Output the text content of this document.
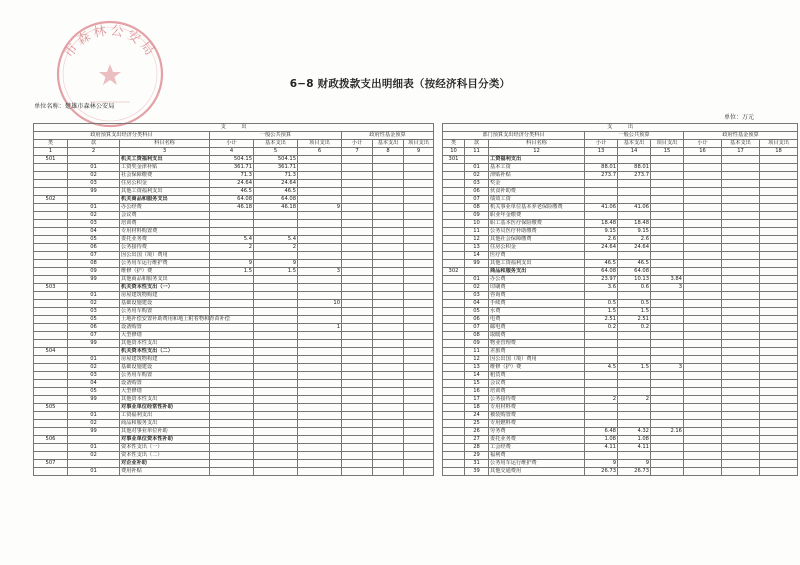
市森林公安局
6−8 财政拨款支出明细表（按经济科目分类）
单位名称：楚雄市森林公安局
单位：万元
支　　　出								
政府预算支出经济分类科目			一般公共预算			政府性基金预算		
类	款	科目名称	小计	基本支出	项目支出	小计	基本支出	项目支出
1	2	3	4	5	6	7	8	9
501		机关工资福利支出	504.15	504.15				
	01	工资奖金津补贴	361.71	361.71				
	02	社会保障缴费	71.3	71.3				
	03	住房公积金	24.64	24.64				
	99	其他工资福利支出	46.5	46.5				
502		机关商品和服务支出	64.08	64.08				
	01	办公经费	46.18	46.18	9			
	02	会议费						
	03	培训费						
	04	专用材料购置费						
	05	委托业务费	5.4	5.4				
	06	公务接待费	2	2				
	07	因公出国（境）费用						
	08	公务用车运行维护费	9	9				
	09	维修（护）费	1.5	1.5	3			
	99	其他商品和服务支出						
503		机关资本性支出（一）						
	01	房屋建筑物购建						
	02	基础设施建设			10			
	03	公务用车购置						
	05	土地补偿安置补助费用和地上附着物和青苗补偿						
	06	设备购置			1			
	07	大型修缮						
	99	其他资本性支出						
504		机关资本性支出（二）						
	01	房屋建筑物构建						
	02	基础设施建设						
	03	公务用车购置						
	04	设备购置						
	05	大型修缮						
	99	其他资本性支出						
505		对事业单位经常性补助						
	01	工资福利支出						
	02	商品和服务支出						
	99	其他对事业单位补助						
506		对事业单位资本性补助						
	01	资本性支出（一）						
	02	资本性支出（二）						
507		对企业补助						
	01	费用补贴						
支　　　出								
部门预算支出经济分类科目			一般公共预算			政府性基金预算		
类	款	科目名称	小计	基本支出	项目支出	小计	基本支出	项目支出
10	11	12	13	14	15	16	17	18
301		工资福利支出						
	01	基本工资	88.01	88.01				
	02	津贴补贴	273.7	273.7				
	03	奖金						
	06	伙食补助费						
	07	绩效工资						
	08	机关事业单位基本养老保险缴费	41.06	41.06				
	09	职业年金缴费						
	10	职工基本医疗保险缴费	18.48	18.48				
	11	公务员医疗补助缴费	9.15	9.15				
	12	其他社会保障缴费	2.6	2.6				
	13	住房公积金	24.64	24.64				
	14	医疗费						
	99	其他工资福利支出	46.5	46.5				
302		商品和服务支出	64.08	64.08				
	01	办公费	23.97	10.13	3.84			
	02	印刷费	3.6	0.6	3			
	03	咨询费						
	04	手续费	0.5	0.5				
	05	水费	1.5	1.5				
	06	电费	2.51	2.51				
	07	邮电费	0.2	0.2				
	08	取暖费						
	09	物业管理费						
	11	差旅费						
	12	因公出国（境）费用						
	13	维修（护）费	4.5	1.5	3			
	14	租赁费						
	15	会议费						
	16	培训费						
	17	公务接待费	2	2				
	18	专用材料费						
	24	被装购置费						
	25	专用燃料费						
	26	劳务费	6.48	4.32	2.16			
	27	委托业务费	1.08	1.08				
	28	工会经费	4.11	4.11				
	29	福利费						
	31	公务用车运行维护费	9	9				
	39	其他交通费用	26.73	26.73				
